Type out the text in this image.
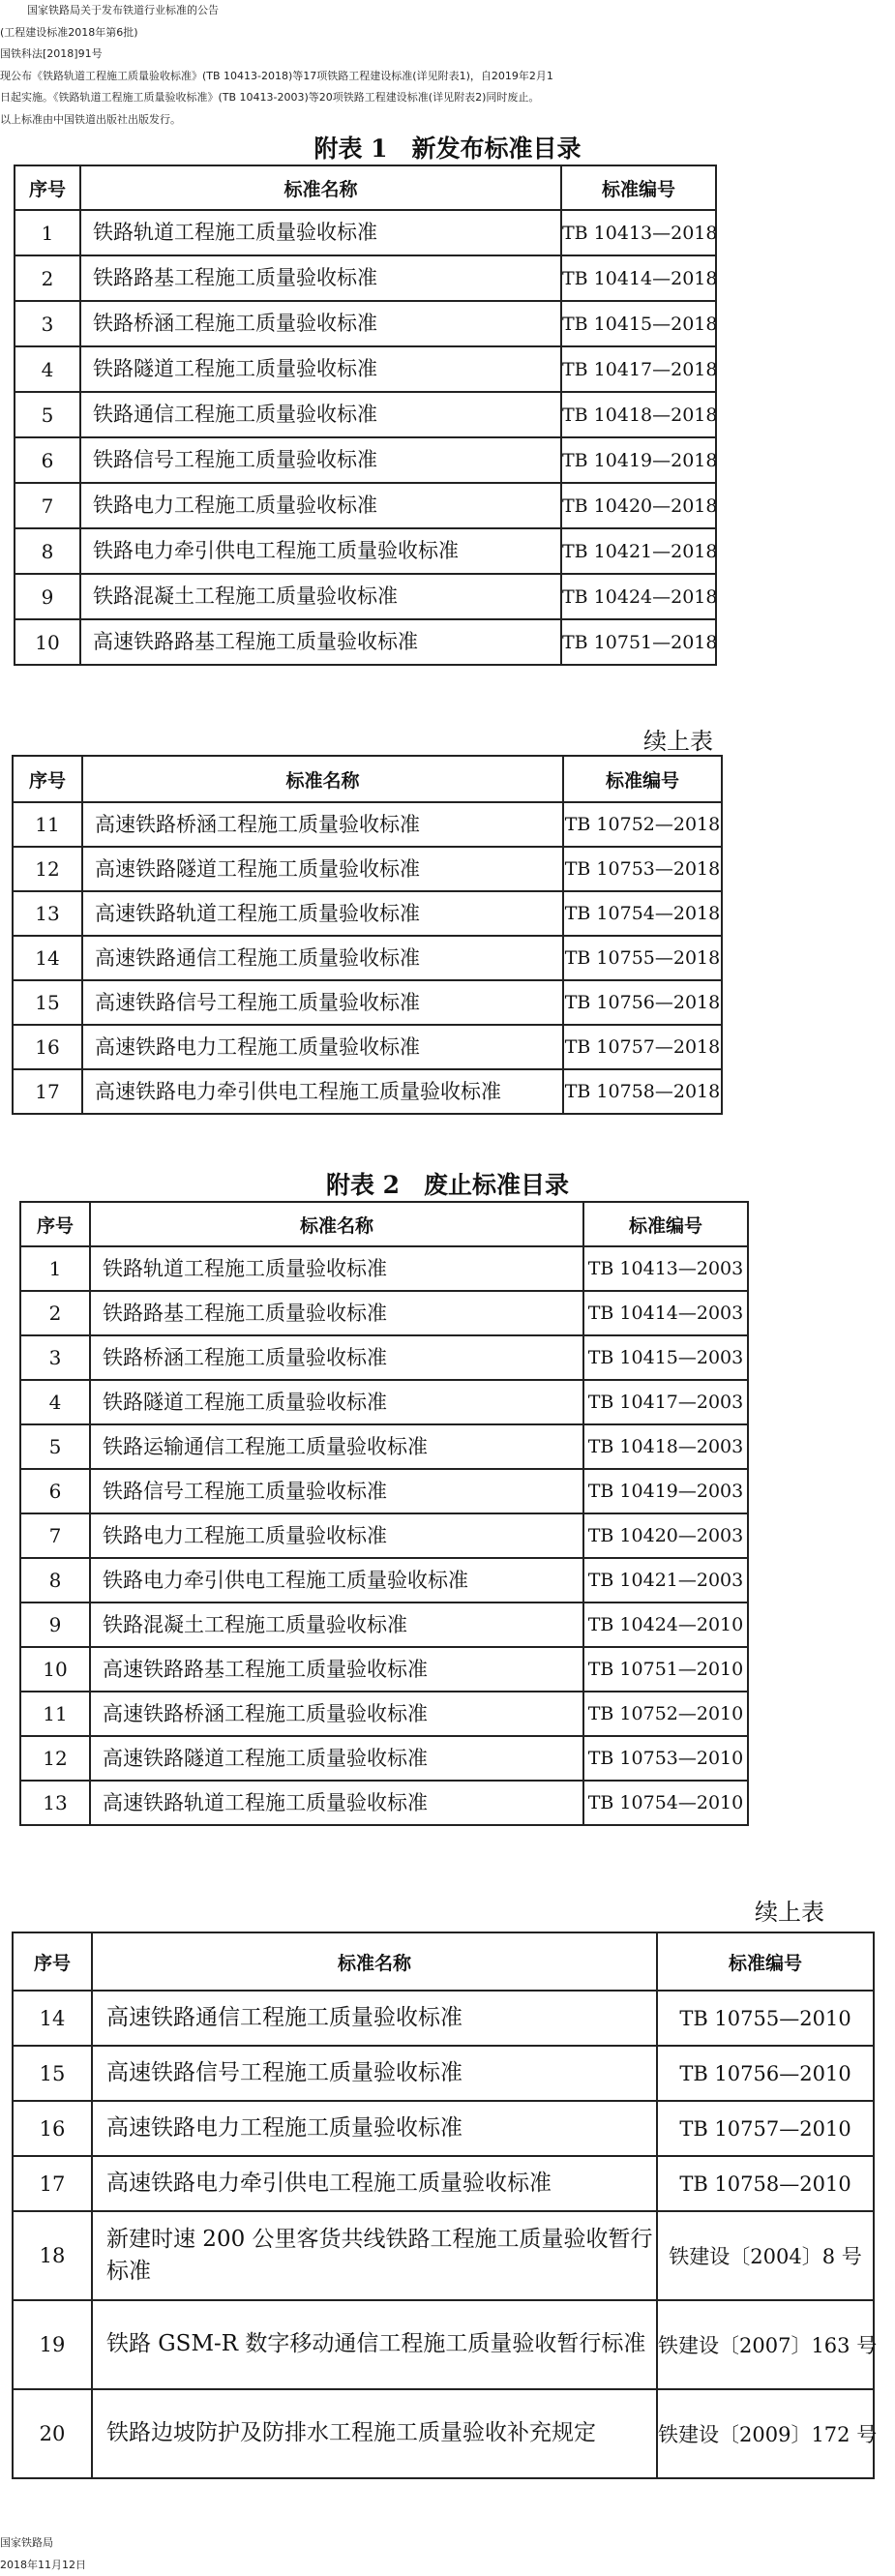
国家铁路局关于发布铁道行业标准的公告
(工程建设标准2018年第6批)
国铁科法[2018]91号
现公布《铁路轨道工程施工质量验收标准》(TB 10413-2018)等17项铁路工程建设标准(详见附表1)，自2019年2月1
日起实施。《铁路轨道工程施工质量验收标准》(TB 10413-2003)等20项铁路工程建设标准(详见附表2)同时废止。
以上标准由中国铁道出版社出版发行。
附表 1　新发布标准目录
序号	标准名称	标准编号
1	铁路轨道工程施工质量验收标准	TB 10413—2018
2	铁路路基工程施工质量验收标准	TB 10414—2018
3	铁路桥涵工程施工质量验收标准	TB 10415—2018
4	铁路隧道工程施工质量验收标准	TB 10417—2018
5	铁路通信工程施工质量验收标准	TB 10418—2018
6	铁路信号工程施工质量验收标准	TB 10419—2018
7	铁路电力工程施工质量验收标准	TB 10420—2018
8	铁路电力牵引供电工程施工质量验收标准	TB 10421—2018
9	铁路混凝土工程施工质量验收标准	TB 10424—2018
10	高速铁路路基工程施工质量验收标准	TB 10751—2018
续上表
序号	标准名称	标准编号
11	高速铁路桥涵工程施工质量验收标准	TB 10752—2018
12	高速铁路隧道工程施工质量验收标准	TB 10753—2018
13	高速铁路轨道工程施工质量验收标准	TB 10754—2018
14	高速铁路通信工程施工质量验收标准	TB 10755—2018
15	高速铁路信号工程施工质量验收标准	TB 10756—2018
16	高速铁路电力工程施工质量验收标准	TB 10757—2018
17	高速铁路电力牵引供电工程施工质量验收标准	TB 10758—2018
附表 2　废止标准目录
序号	标准名称	标准编号
1	铁路轨道工程施工质量验收标准	TB 10413—2003
2	铁路路基工程施工质量验收标准	TB 10414—2003
3	铁路桥涵工程施工质量验收标准	TB 10415—2003
4	铁路隧道工程施工质量验收标准	TB 10417—2003
5	铁路运输通信工程施工质量验收标准	TB 10418—2003
6	铁路信号工程施工质量验收标准	TB 10419—2003
7	铁路电力工程施工质量验收标准	TB 10420—2003
8	铁路电力牵引供电工程施工质量验收标准	TB 10421—2003
9	铁路混凝土工程施工质量验收标准	TB 10424—2010
10	高速铁路路基工程施工质量验收标准	TB 10751—2010
11	高速铁路桥涵工程施工质量验收标准	TB 10752—2010
12	高速铁路隧道工程施工质量验收标准	TB 10753—2010
13	高速铁路轨道工程施工质量验收标准	TB 10754—2010
续上表
序号	标准名称	标准编号
14	高速铁路通信工程施工质量验收标准	TB 10755—2010
15	高速铁路信号工程施工质量验收标准	TB 10756—2010
16	高速铁路电力工程施工质量验收标准	TB 10757—2010
17	高速铁路电力牵引供电工程施工质量验收标准	TB 10758—2010
18	新建时速 200 公里客货共线铁路工程施工质量验收暂行标准	铁建设〔2004〕8 号
19	铁路 GSM-R 数字移动通信工程施工质量验收暂行标准	铁建设〔2007〕163 号
20	铁路边坡防护及防排水工程施工质量验收补充规定	铁建设〔2009〕172 号
国家铁路局
2018年11月12日
